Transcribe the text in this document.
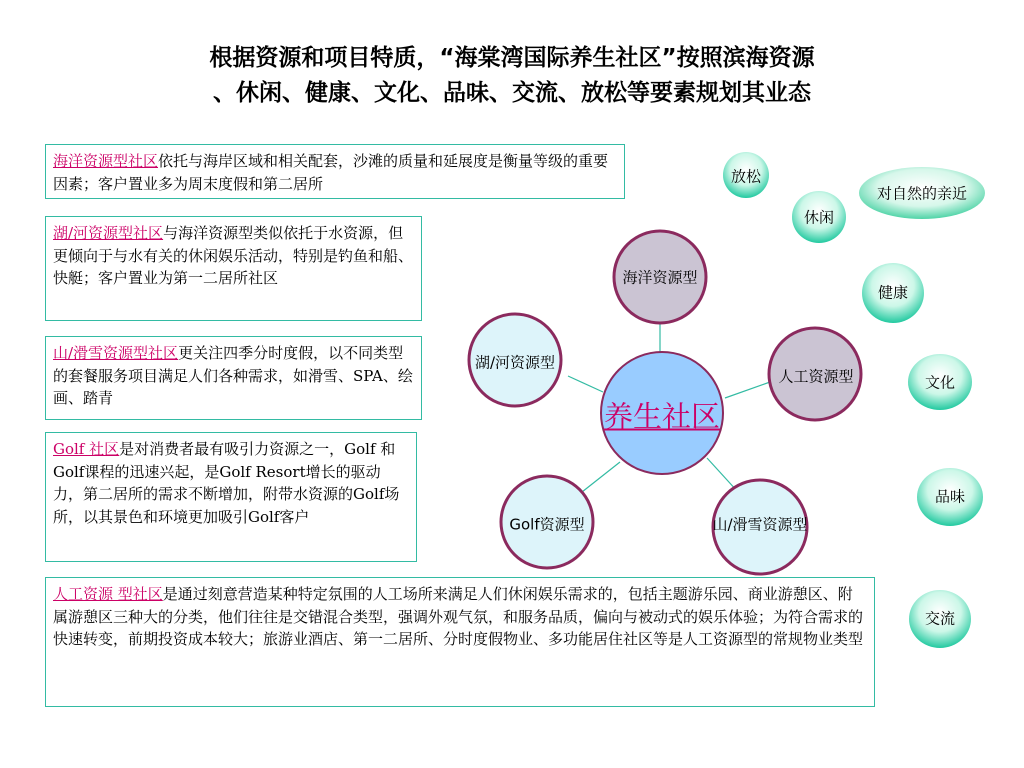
根据资源和项目特质，“海棠湾国际养生社区”按照滨海资源
、休闲、健康、文化、品味、交流、放松等要素规划其业态
海洋资源型社区依托与海岸区域和相关配套，沙滩的质量和延展度是衡量等级的重要因素；客户置业多为周末度假和第二居所
湖/河资源型社区与海洋资源型类似依托于水资源，但更倾向于与水有关的休闲娱乐活动，特别是钓鱼和船、快艇；客户置业为第一二居所社区
山/滑雪资源型社区更关注四季分时度假，以不同类型的套餐服务项目满足人们各种需求，如滑雪、SPA、绘画、踏青
Golf 社区是对消费者最有吸引力资源之一，Golf 和Golf课程的迅速兴起，是Golf Resort增长的驱动力，第二居所的需求不断增加，附带水资源的Golf场所，以其景色和环境更加吸引Golf客户
人工资源 型社区是通过刻意营造某种特定氛围的人工场所来满足人们休闲娱乐需求的，包括主题游乐园、商业游憩区、附属游憩区三种大的分类，他们往往是交错混合类型，强调外观气氛，和服务品质，偏向与被动式的娱乐体验；为符合需求的快速转变，前期投资成本较大；旅游业酒店、第一二居所、分时度假物业、多功能居住社区等是人工资源型的常规物业类型
养生社区
海洋资源型
人工资源型
山/滑雪资源型
Golf资源型
湖/河资源型
放松
对自然的亲近
休闲
健康
文化
品味
交流
